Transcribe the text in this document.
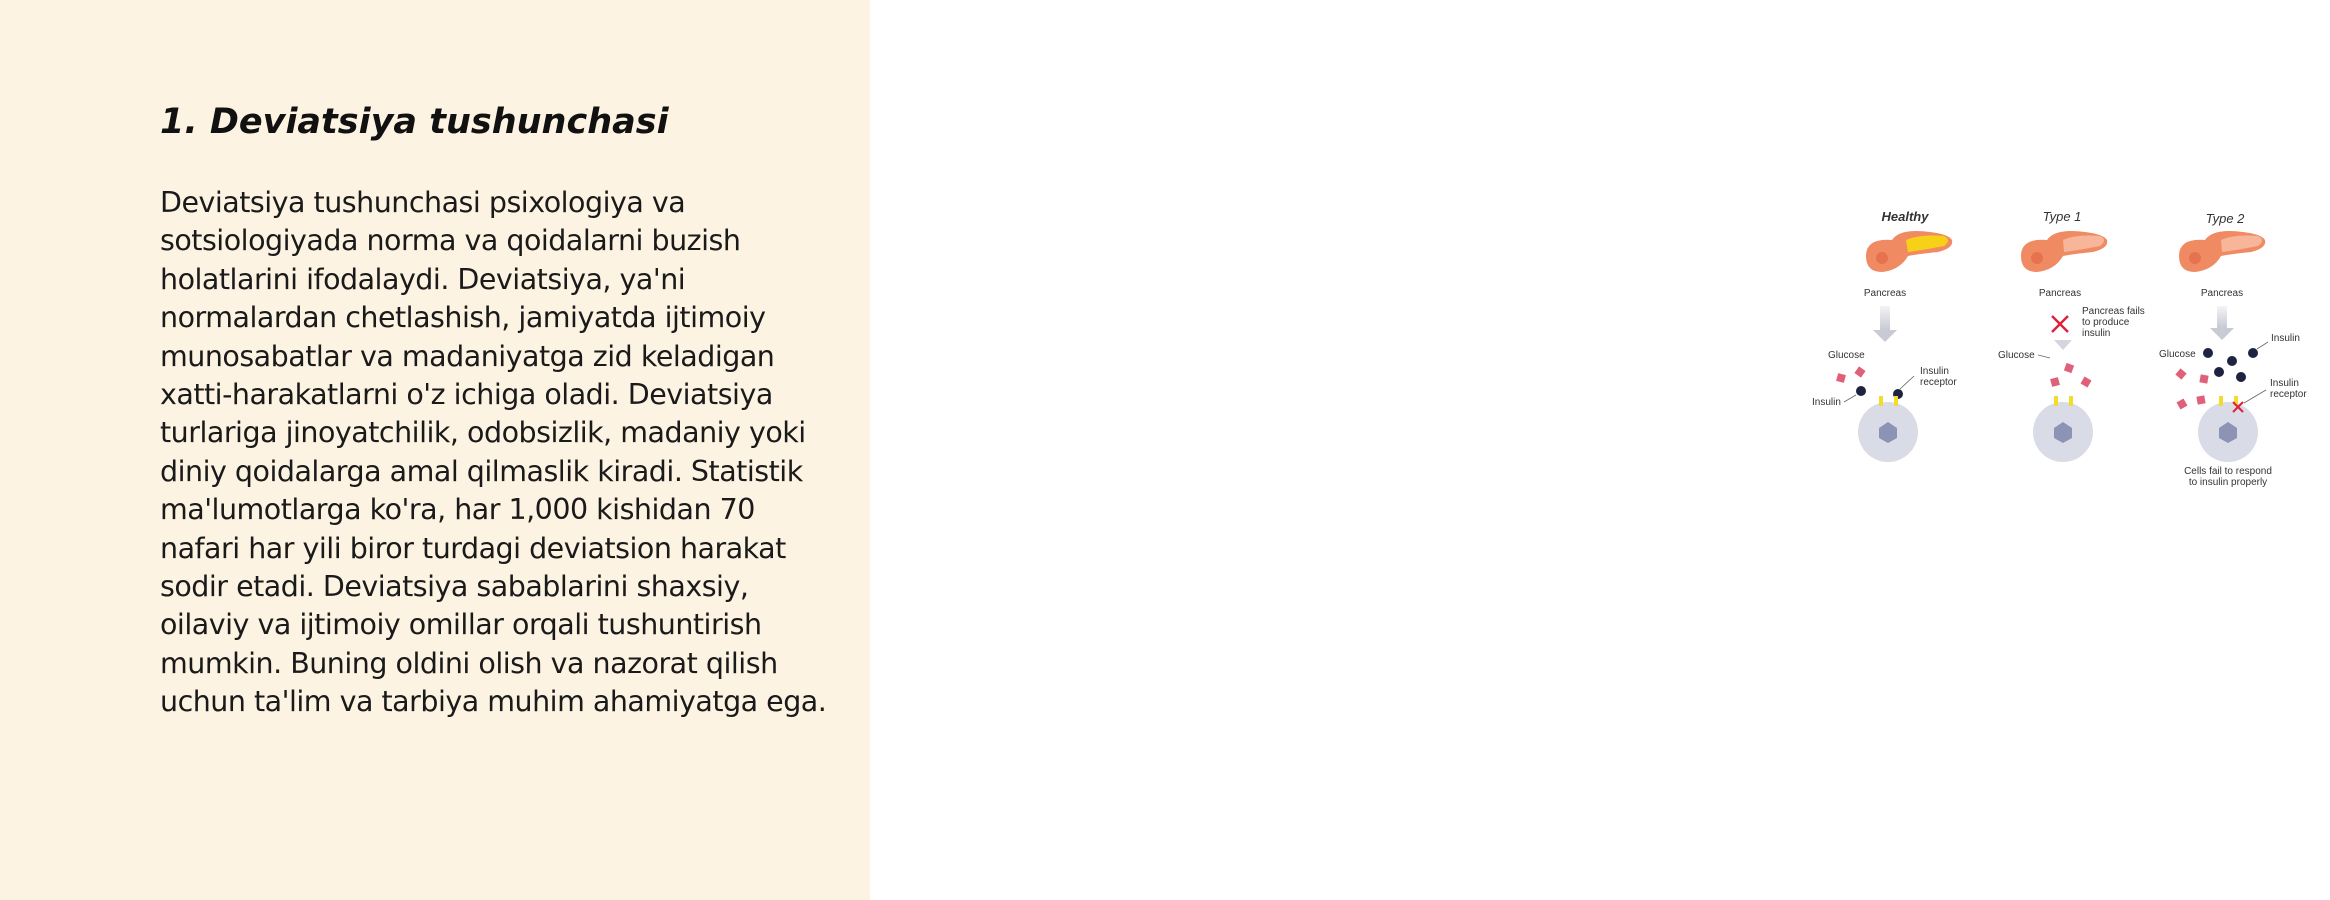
1. Deviatsiya tushunchasi

Deviatsiya tushunchasi psixologiya va sotsiologiyada norma va qoidalarni buzish holatlarini ifodalaydi. Deviatsiya, ya'ni normalardan chetlashish, jamiyatda ijtimoiy munosabatlar va madaniyatga zid keladigan xatti-harakatlarni o'z ichiga oladi. Deviatsiya turlariga jinoyatchilik, odobsizlik, madaniy yoki diniy qoidalarga amal qilmaslik kiradi. Statistik ma'lumotlarga ko'ra, har 1,000 kishidan 70 nafari har yili biror turdagi deviatsion harakat sodir etadi. Deviatsiya sabablarini shaxsiy, oilaviy va ijtimoiy omillar orqali tushuntirish mumkin. Buning oldini olish va nazorat qilish uchun ta'lim va tarbiya muhim ahamiyatga ega.

Healthy
Pancreas
Glucose
Insulin
receptor
Insulin
Type 1
Pancreas
Pancreas fails
to produce
insulin
Glucose
Type 2
Pancreas
Glucose
Insulin
Insulin
receptor
Cells fail to respond
to insulin properly
